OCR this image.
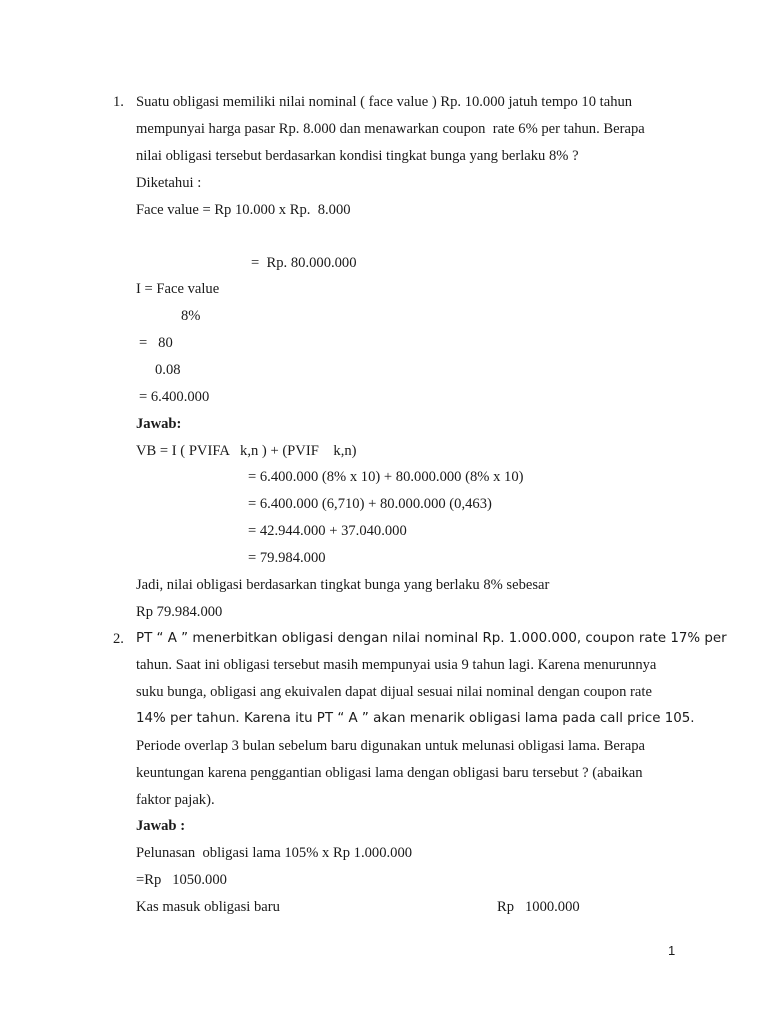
1. Suatu obligasi memiliki nilai nominal ( face value ) Rp. 10.000 jatuh tempo 10 tahun
mempunyai harga pasar Rp. 8.000 dan menawarkan coupon  rate 6% per tahun. Berapa
nilai obligasi tersebut berdasarkan kondisi tingkat bunga yang berlaku 8% ?
Diketahui :
Face value = Rp 10.000 x Rp.  8.000
=  Rp. 80.000.000
I = Face value
8%
=   80
0.08
= 6.400.000
Jawab:
VB = I ( PVIFA   k,n ) + (PVIF    k,n)
= 6.400.000 (8% x 10) + 80.000.000 (8% x 10)
= 6.400.000 (6,710) + 80.000.000 (0,463)
= 42.944.000 + 37.040.000
= 79.984.000
Jadi, nilai obligasi berdasarkan tingkat bunga yang berlaku 8% sebesar
Rp 79.984.000
2. PT “ A ” menerbitkan obligasi dengan nilai nominal Rp. 1.000.000, coupon rate 17% per
tahun. Saat ini obligasi tersebut masih mempunyai usia 9 tahun lagi. Karena menurunnya
suku bunga, obligasi ang ekuivalen dapat dijual sesuai nilai nominal dengan coupon rate
14% per tahun. Karena itu PT “ A ” akan menarik obligasi lama pada call price 105.
Periode overlap 3 bulan sebelum baru digunakan untuk melunasi obligasi lama. Berapa
keuntungan karena penggantian obligasi lama dengan obligasi baru tersebut ? (abaikan
faktor pajak).
Jawab :
Pelunasan  obligasi lama 105% x Rp 1.000.000
=Rp   1050.000
Kas masuk obligasi baru	Rp   1000.000
1
